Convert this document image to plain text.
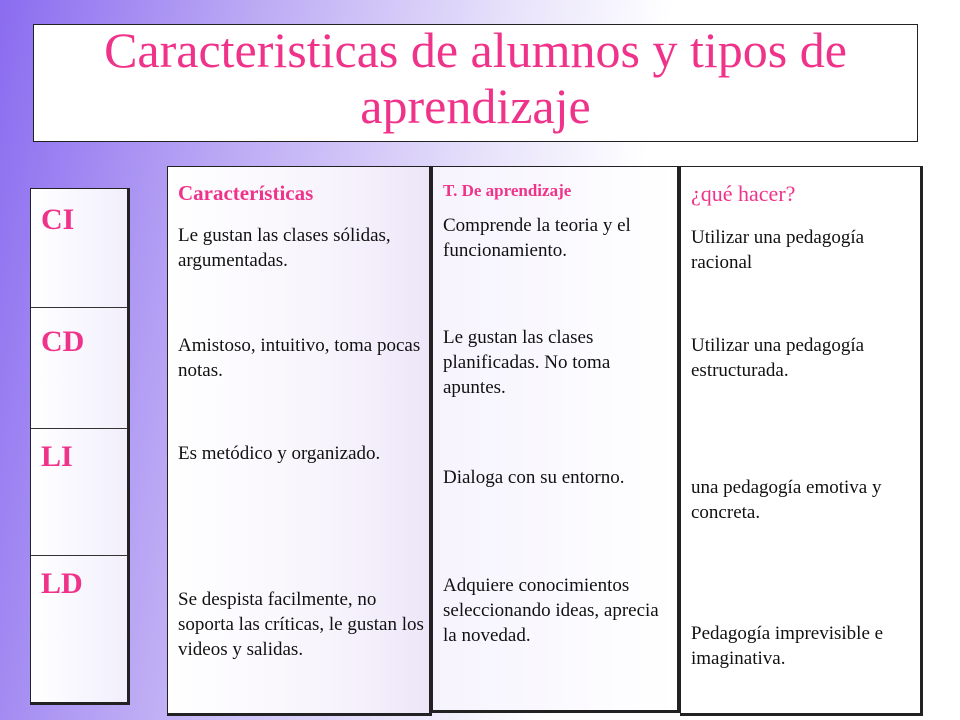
Caracteristicas de alumnos y tipos de aprendizaje
CI
CD
LI
LD
Características

Le gustan las clases sólidas, argumentadas.

Amistoso, intuitivo, toma pocas notas.

Es metódico y organizado.

Se despista facilmente, no soporta las críticas, le gustan los videos y salidas.

T. De aprendizaje

Comprende la teoria y el funcionamiento.

Le gustan las clases planificadas. No toma apuntes.

Dialoga con su entorno.

Adquiere conocimientos seleccionando ideas, aprecia la novedad.

¿qué hacer?

Utilizar una pedagogía racional

Utilizar una pedagogía estructurada.

una pedagogía emotiva y concreta.

Pedagogía imprevisible e imaginativa.
